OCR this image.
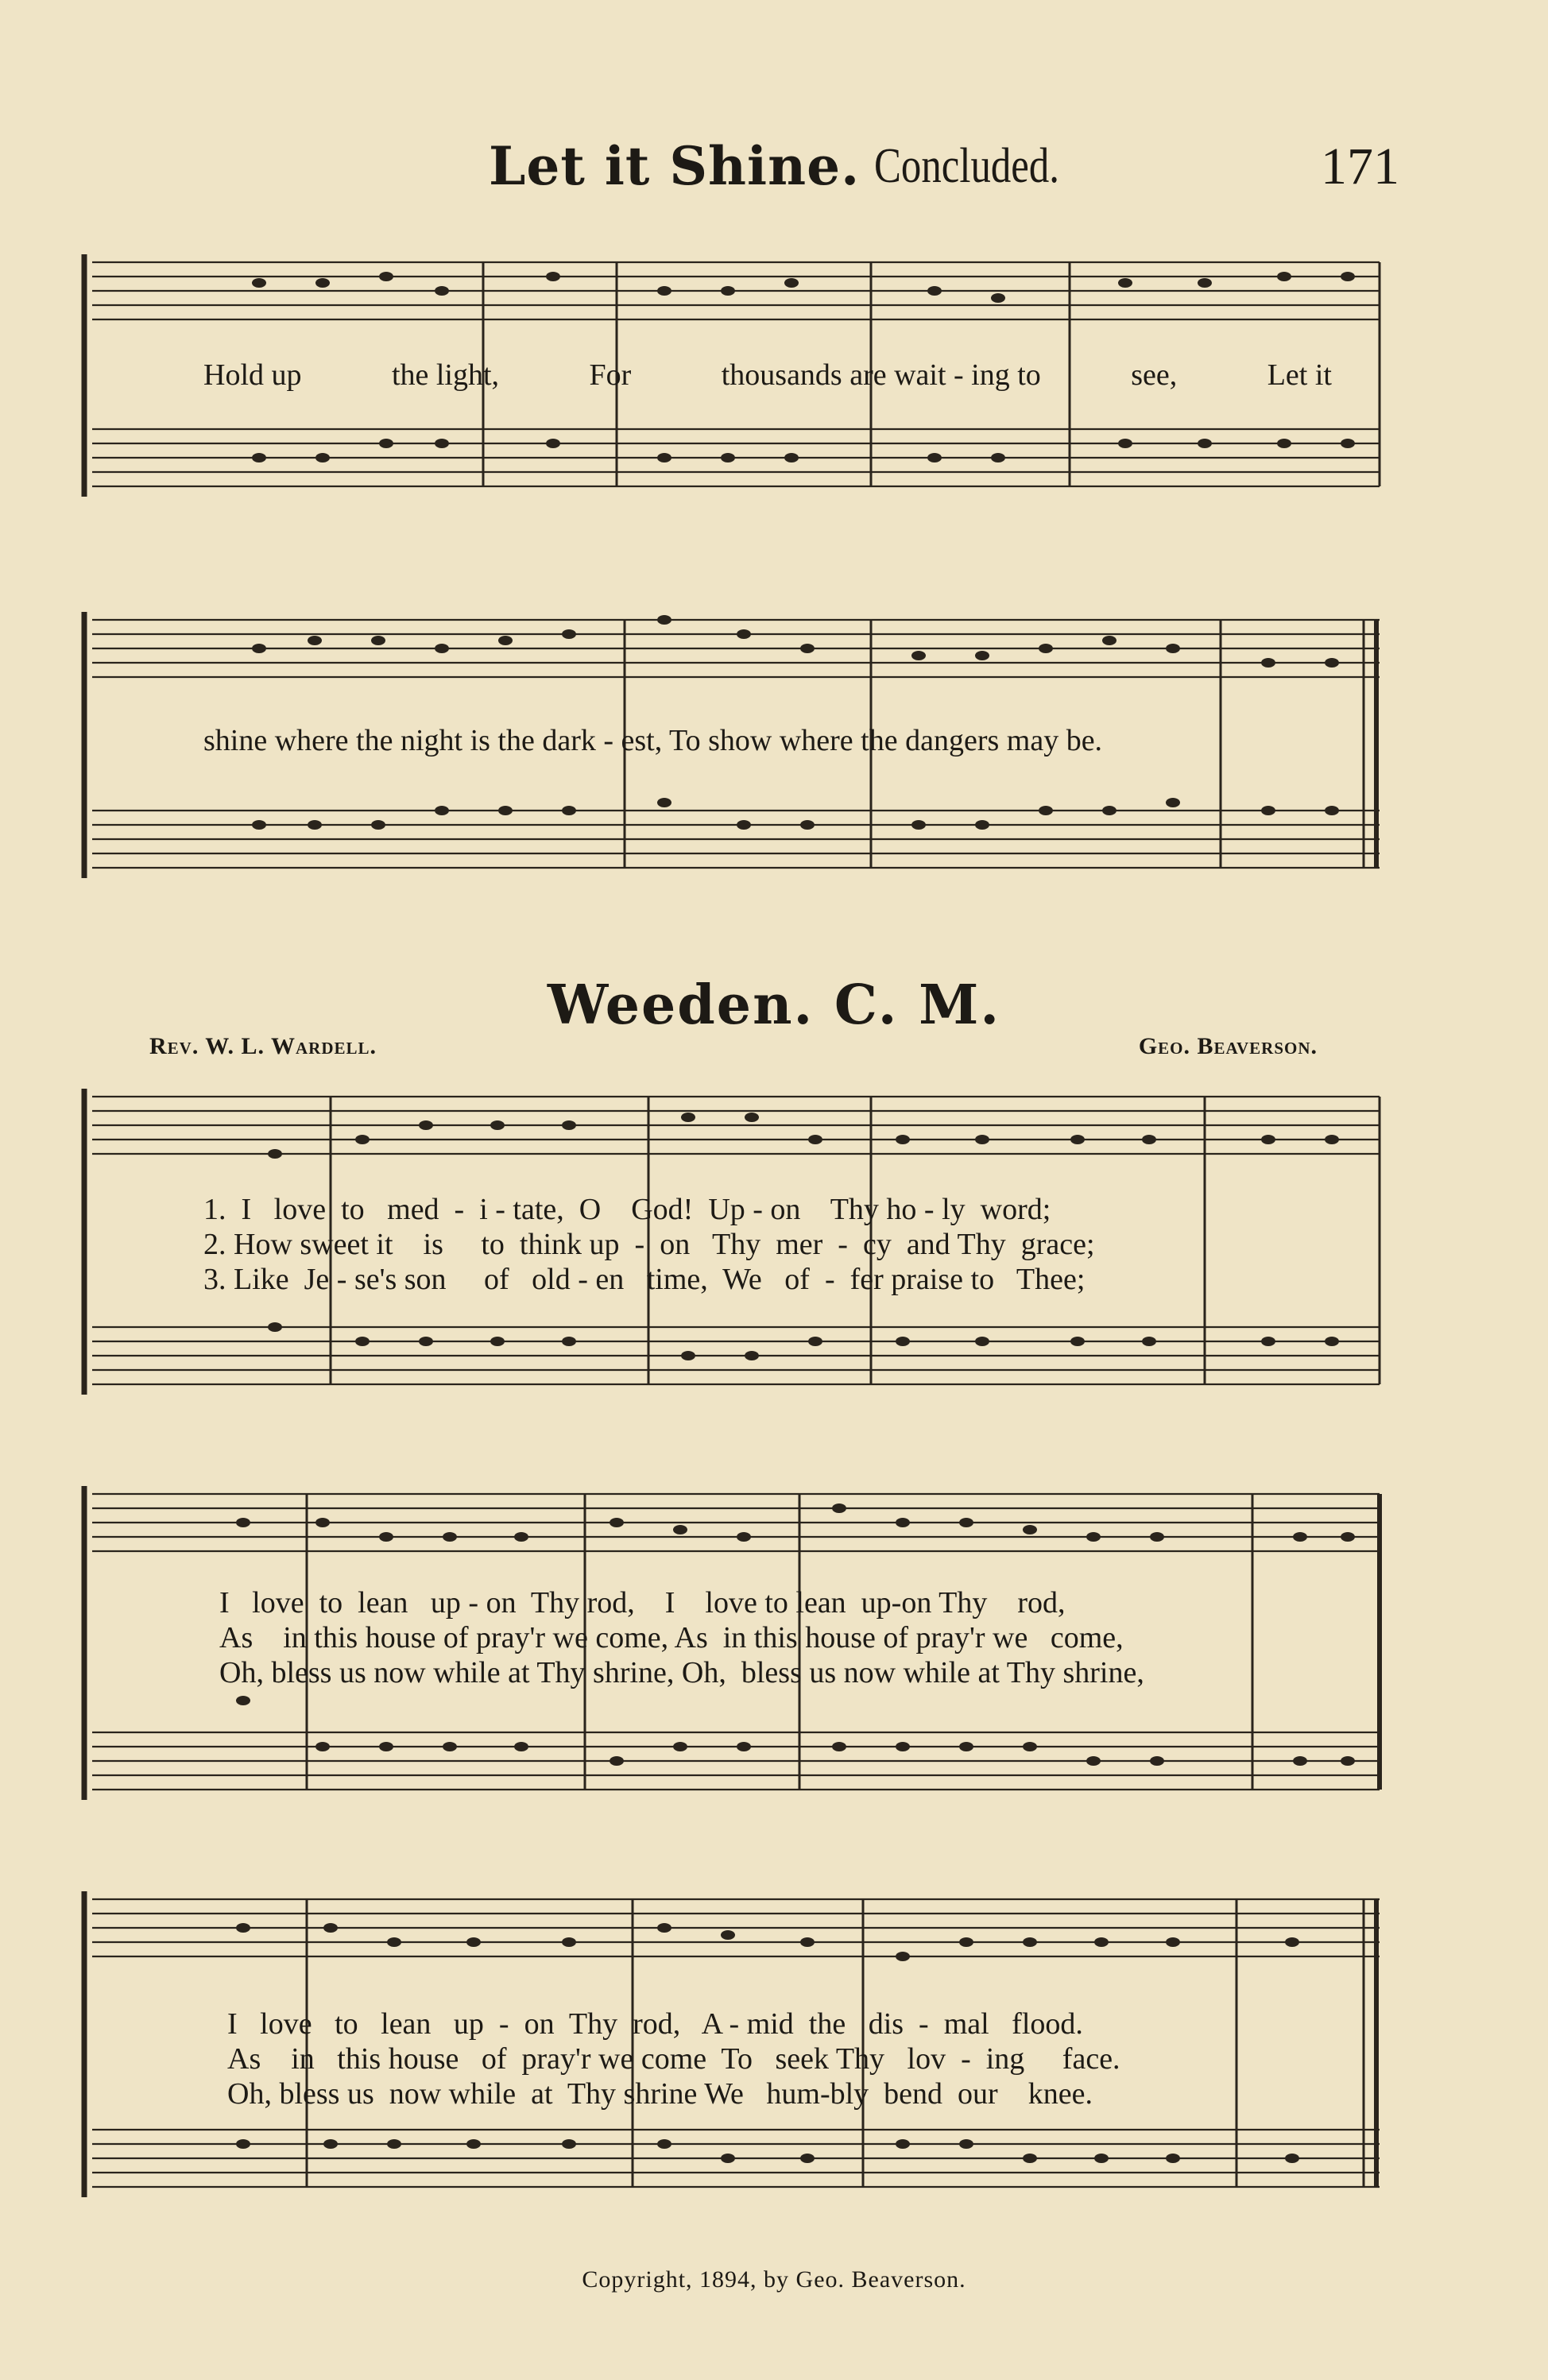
Let it Shine. Concluded.	171
Hold up	the light,	For	thousands are wait - ing to	see,	Let it
shine where the night is the dark - est, To show where the dangers may be.
Weeden. C. M.
Rev. W. L. Wardell.	Geo. Beaverson.
1.  I   love  to   med  -  i - tate,  O    God!  Up - on    Thy ho - ly  word;
2. How sweet it    is     to  think up  -  on   Thy  mer  -  cy  and Thy  grace;
3. Like  Je - se's son     of   old - en   time,  We   of  -  fer praise to   Thee;
I   love  to  lean   up - on  Thy rod,    I    love to lean  up-on Thy    rod,
As    in this house of pray'r we come, As  in this house of pray'r we   come,
Oh, bless us now while at Thy shrine, Oh,  bless us now while at Thy shrine,
I   love   to   lean   up  -  on  Thy  rod,   A - mid  the   dis  -  mal   flood.
As    in   this house   of  pray'r we come  To   seek Thy   lov  -  ing     face.
Oh, bless us  now while  at  Thy shrine We   hum-bly  bend  our    knee.
Copyright, 1894, by Geo. Beaverson.
